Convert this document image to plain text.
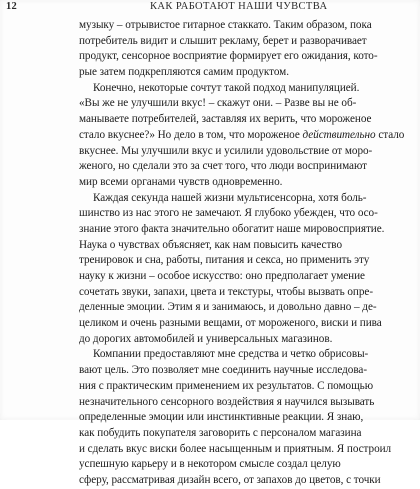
12	КАК РАБОТАЮТ НАШИ ЧУВСТВА
музыку – отрывистое гитарное стаккато. Таким образом, пока
потребитель видит и слышит рекламу, берет и разворачивает
продукт, сенсорное восприятие формирует его ожидания, кото-
рые затем подкрепляются самим продуктом.
Конечно, некоторые сочтут такой подход манипуляцией.
«Вы же не улучшили вкус! – скажут они. – Разве вы не об-
манываете потребителей, заставляя их верить, что мороженое
стало вкуснее?» Но дело в том, что мороженое действительно стало
вкуснее. Мы улучшили вкус и усилили удовольствие от моро-
женого, но сделали это за счет того, что люди воспринимают
мир всеми органами чувств одновременно.
Каждая секунда нашей жизни мультисенсорна, хотя боль-
шинство из нас этого не замечают. Я глубоко убежден, что осо-
знание этого факта значительно обогатит наше мировосприятие.
Наука о чувствах объясняет, как нам повысить качество
тренировок и сна, работы, питания и секса, но применить эту
науку к жизни – особое искусство: оно предполагает умение
сочетать звуки, запахи, цвета и текстуры, чтобы вызвать опре-
деленные эмоции. Этим я и занимаюсь, и довольно давно – де-
целиком и очень разными вещами, от мороженого, виски и пива
до дорогих автомобилей и универсальных магазинов.
Компании предоставляют мне средства и четко обрисовы-
вают цель. Это позволяет мне соединить научные исследова-
ния с практическим применением их результатов. С помощью
незначительного сенсорного воздействия я научился вызывать
определенные эмоции или инстинктивные реакции. Я знаю,
как побудить покупателя заговорить с персоналом магазина
и сделать вкус виски более насыщенным и приятным. Я построил
успешную карьеру и в некотором смысле создал целую
сферу, рассматривая дизайн всего, от запахов до цветов, с точки
